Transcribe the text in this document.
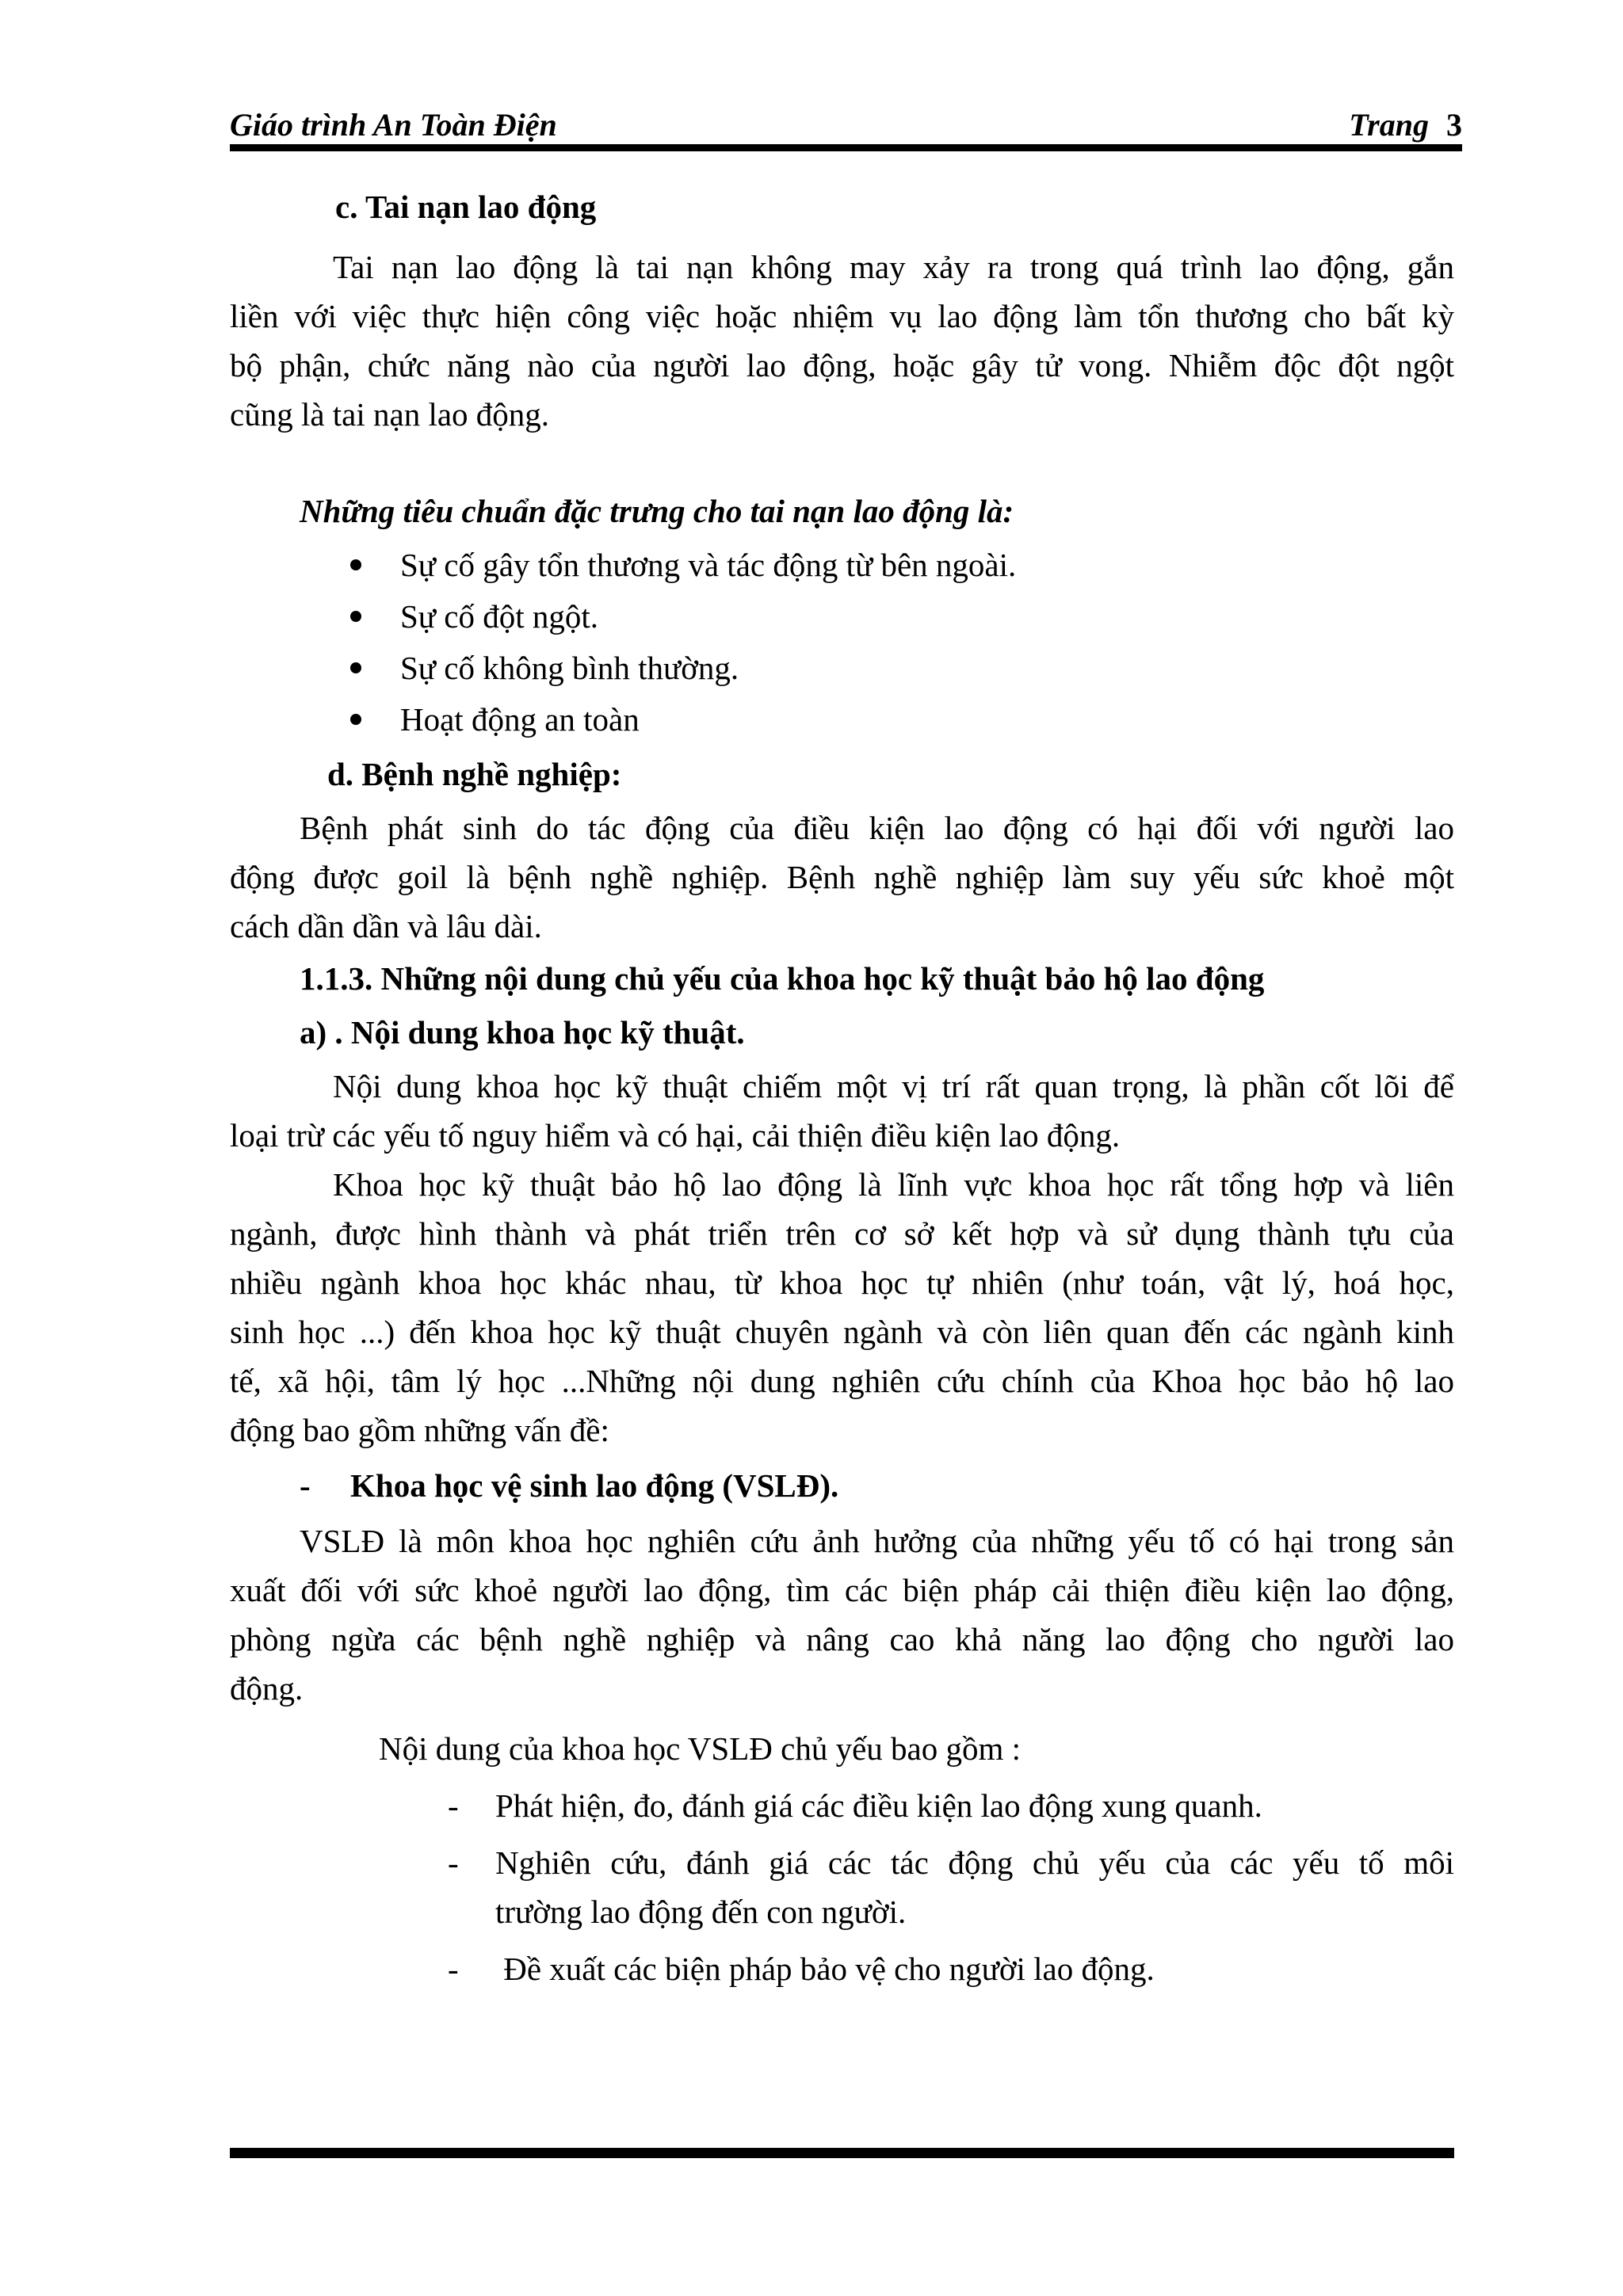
Giáo trình An Toàn Điện	Trang 3
c. Tai nạn lao động
Tai nạn lao động là tai nạn không may xảy ra trong quá trình lao động, gắn
liền với việc thực hiện công việc hoặc nhiệm vụ lao động làm tổn thương cho bất kỳ
bộ phận, chức năng nào của người lao động, hoặc gây tử vong. Nhiễm độc đột ngột
cũng là tai nạn lao động.
Những tiêu chuẩn đặc trưng cho tai nạn lao động là:
Sự cố gây tổn thương và tác động từ bên ngoài.
Sự cố đột ngột.
Sự cố không bình thường.
Hoạt động an toàn
d. Bệnh nghề nghiệp:
Bệnh phát sinh do tác động của điều kiện lao động có hại đối với người lao
động được goil là bệnh nghề nghiệp. Bệnh nghề nghiệp làm suy yếu sức khoẻ một
cách dần dần và lâu dài.
1.1.3. Những nội dung chủ yếu của khoa học kỹ thuật bảo hộ lao động
a) . Nội dung khoa học kỹ thuật.
Nội dung khoa học kỹ thuật chiếm một vị trí rất quan trọng, là phần cốt lõi để
loại trừ các yếu tố nguy hiểm và có hại, cải thiện điều kiện lao động.
Khoa học kỹ thuật bảo hộ lao động là lĩnh vực khoa học rất tổng hợp và liên
ngành, được hình thành và phát triển trên cơ sở kết hợp và sử dụng thành tựu của
nhiều ngành khoa học khác nhau, từ khoa học tự nhiên (như toán, vật lý, hoá học,
sinh học ...) đến khoa học kỹ thuật chuyên ngành và còn liên quan đến các ngành kinh
tế, xã hội, tâm lý học ...Những nội dung nghiên cứu chính của Khoa học bảo hộ lao
động bao gồm những vấn đề:
- Khoa học vệ sinh lao động (VSLĐ).
VSLĐ là môn khoa học nghiên cứu ảnh hưởng của những yếu tố có hại trong sản
xuất đối với sức khoẻ người lao động, tìm các biện pháp cải thiện điều kiện lao động,
phòng ngừa các bệnh nghề nghiệp và nâng cao khả năng lao động cho người lao
động.
Nội dung của khoa học VSLĐ chủ yếu bao gồm :
- Phát hiện, đo, đánh giá các điều kiện lao động xung quanh.
- Nghiên cứu, đánh giá các tác động chủ yếu của các yếu tố môi
trường lao động đến con người.
- Đề xuất các biện pháp bảo vệ cho người lao động.
